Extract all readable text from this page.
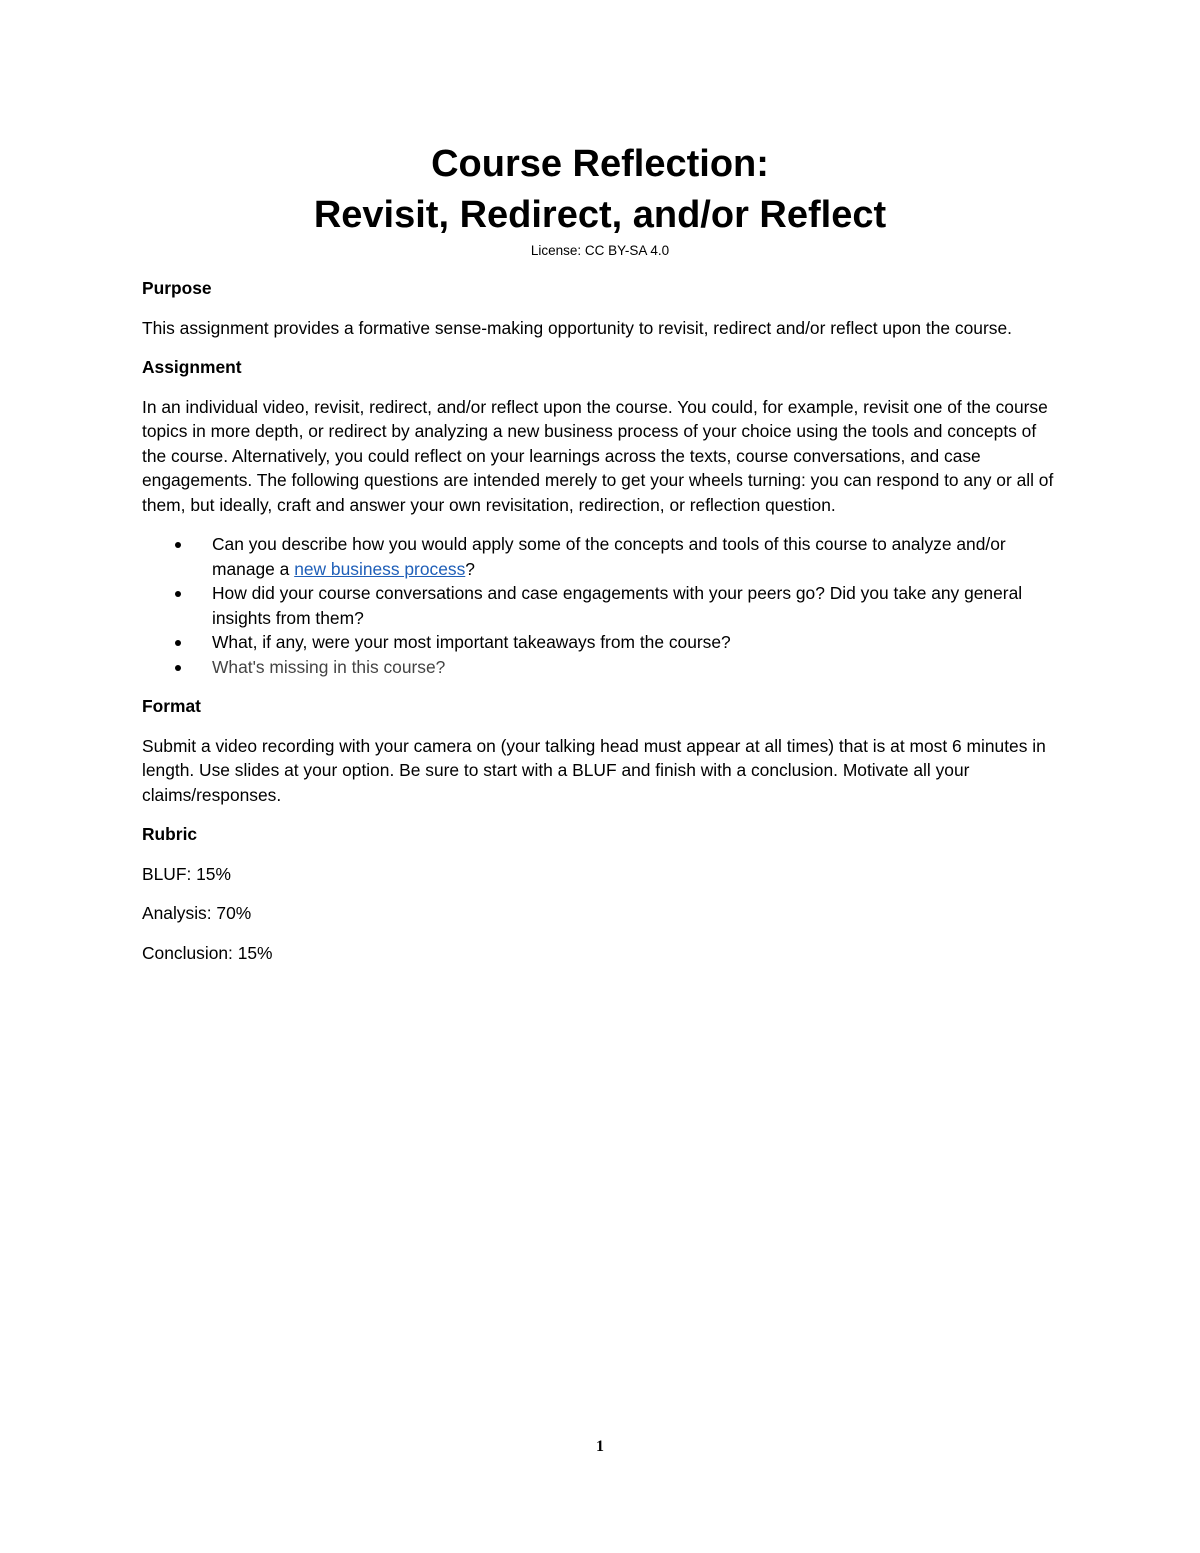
Course Reflection:
Revisit, Redirect, and/or Reflect
License: CC BY-SA 4.0
Purpose

This assignment provides a formative sense-making opportunity to revisit, redirect and/or reflect upon the course.

Assignment

In an individual video, revisit, redirect, and/or reflect upon the course. You could, for example, revisit one of the course topics in more depth, or redirect by analyzing a new business process of your choice using the tools and concepts of the course. Alternatively, you could reflect on your learnings across the texts, course conversations, and case engagements. The following questions are intended merely to get your wheels turning: you can respond to any or all of them, but ideally, craft and answer your own revisitation, redirection, or reflection question.

Can you describe how you would apply some of the concepts and tools of this course to analyze and/or manage a new business process?
How did your course conversations and case engagements with your peers go? Did you take any general insights from them?
What, if any, were your most important takeaways from the course?
What's missing in this course?
Format

Submit a video recording with your camera on (your talking head must appear at all times) that is at most 6 minutes in length. Use slides at your option. Be sure to start with a BLUF and finish with a conclusion. Motivate all your claims/responses.

Rubric

BLUF: 15%

Analysis: 70%

Conclusion: 15%

1
